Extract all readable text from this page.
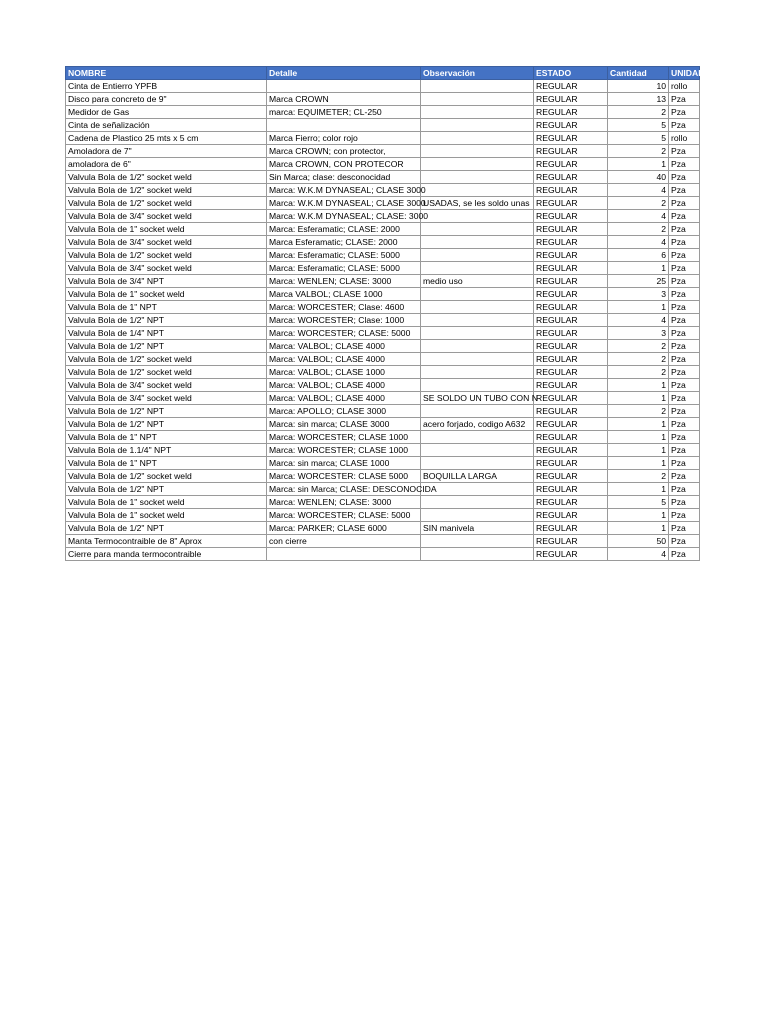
NOMBRE	Detalle	Observación	ESTADO	Cantidad	UNIDAD
Cinta de Entierro YPFB			REGULAR	10	rollo
Disco para concreto de 9"	Marca CROWN		REGULAR	13	Pza
Medidor de Gas	marca: EQUIMETER; CL-250		REGULAR	2	Pza
Cinta de señalización			REGULAR	5	Pza
Cadena de Plastico 25 mts x 5 cm	Marca Fierro; color rojo		REGULAR	5	rollo
Amoladora de 7"	Marca CROWN; con protector,		REGULAR	2	Pza
amoladora de 6"	Marca CROWN, CON PROTECOR		REGULAR	1	Pza
Valvula Bola de 1/2" socket weld	Sin Marca; clase: desconocidad		REGULAR	40	Pza
Valvula Bola de 1/2" socket weld	Marca: W.K.M DYNASEAL; CLASE 3000		REGULAR	4	Pza
Valvula Bola de 1/2" socket weld	Marca: W.K.M DYNASEAL; CLASE 3000	USADAS, se les soldo unas	REGULAR	2	Pza
Valvula Bola de 3/4" socket weld	Marca: W.K.M DYNASEAL; CLASE: 3000		REGULAR	4	Pza
Valvula Bola de 1" socket weld	Marca: Esferamatic; CLASE: 2000		REGULAR	2	Pza
Valvula Bola de 3/4" socket weld	Marca Esferamatic; CLASE: 2000		REGULAR	4	Pza
Valvula Bola de 1/2" socket weld	Marca: Esferamatic; CLASE: 5000		REGULAR	6	Pza
Valvula Bola de 3/4" socket weld	Marca: Esferamatic; CLASE: 5000		REGULAR	1	Pza
Valvula Bola de 3/4" NPT	Marca: WENLEN; CLASE: 3000	medio uso	REGULAR	25	Pza
Valvula Bola de 1" socket weld	Marca VALBOL; CLASE 1000		REGULAR	3	Pza
Valvula Bola de 1" NPT	Marca: WORCESTER; Clase: 4600		REGULAR	1	Pza
Valvula Bola de 1/2" NPT	Marca: WORCESTER; Clase: 1000		REGULAR	4	Pza
Valvula Bola de 1/4" NPT	Marca: WORCESTER; CLASE: 5000		REGULAR	3	Pza
Valvula Bola de 1/2" NPT	Marca: VALBOL; CLASE 4000		REGULAR	2	Pza
Valvula Bola de 1/2" socket weld	Marca: VALBOL; CLASE 4000		REGULAR	2	Pza
Valvula Bola de 1/2" socket weld	Marca: VALBOL; CLASE 1000		REGULAR	2	Pza
Valvula Bola de 3/4" socket weld	Marca: VALBOL; CLASE 4000		REGULAR	1	Pza
Valvula Bola de 3/4" socket weld	Marca: VALBOL; CLASE 4000	SE SOLDO UN TUBO CON N	REGULAR	1	Pza
Valvula Bola de 1/2" NPT	Marca: APOLLO; CLASE 3000		REGULAR	2	Pza
Valvula Bola de 1/2" NPT	Marca: sin marca; CLASE 3000	acero forjado, codigo A632	REGULAR	1	Pza
Valvula Bola de 1" NPT	Marca: WORCESTER; CLASE 1000		REGULAR	1	Pza
Valvula Bola de 1.1/4" NPT	Marca: WORCESTER; CLASE 1000		REGULAR	1	Pza
Valvula Bola de 1" NPT	Marca: sin marca; CLASE 1000		REGULAR	1	Pza
Valvula Bola de 1/2" socket weld	Marca: WORCESTER: CLASE 5000	BOQUILLA LARGA	REGULAR	2	Pza
Valvula Bola de 1/2" NPT	Marca: sin Marca; CLASE: DESCONOCIDA		REGULAR	1	Pza
Valvula Bola de 1" socket weld	Marca: WENLEN; CLASE: 3000		REGULAR	5	Pza
Valvula Bola de 1" socket weld	Marca: WORCESTER; CLASE: 5000		REGULAR	1	Pza
Valvula Bola de 1/2" NPT	Marca: PARKER; CLASE 6000	SIN manivela	REGULAR	1	Pza
Manta Termocontraible de 8" Aprox	con cierre		REGULAR	50	Pza
Cierre para manda termocontraible			REGULAR	4	Pza
